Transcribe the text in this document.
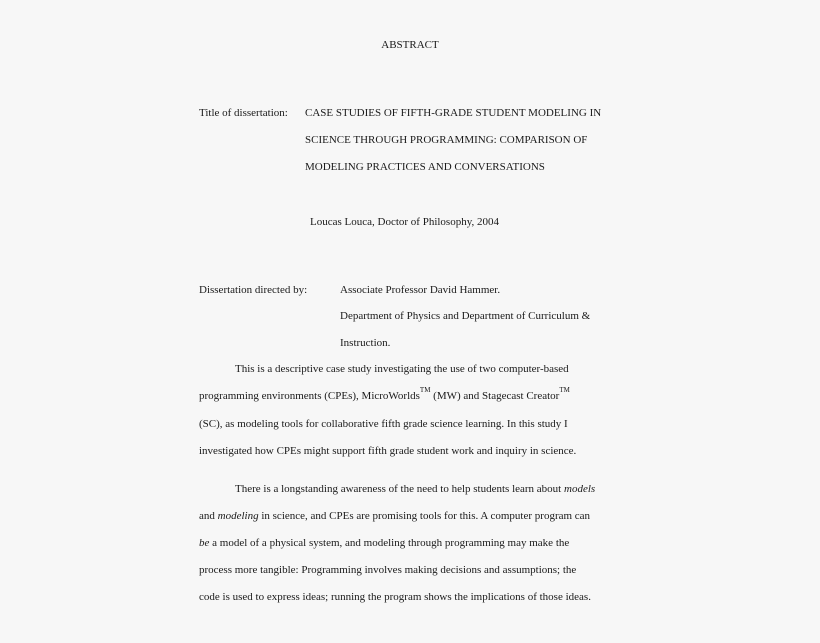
ABSTRACT
Title of dissertation: CASE STUDIES OF FIFTH-GRADE STUDENT MODELING IN
SCIENCE THROUGH PROGRAMMING: COMPARISON OF
MODELING PRACTICES AND CONVERSATIONS
Loucas Louca, Doctor of Philosophy, 2004
Dissertation directed by:	Associate Professor David Hammer.
Department of Physics and Department of Curriculum &
Instruction.
This is a descriptive case study investigating the use of two computer-based
programming environments (CPEs), MicroWorlds™ (MW) and Stagecast Creator™
(SC), as modeling tools for collaborative fifth grade science learning. In this study I
investigated how CPEs might support fifth grade student work and inquiry in science.
There is a longstanding awareness of the need to help students learn about models
and modeling in science, and CPEs are promising tools for this. A computer program can
be a model of a physical system, and modeling through programming may make the
process more tangible: Programming involves making decisions and assumptions; the
code is used to express ideas; running the program shows the implications of those ideas.
